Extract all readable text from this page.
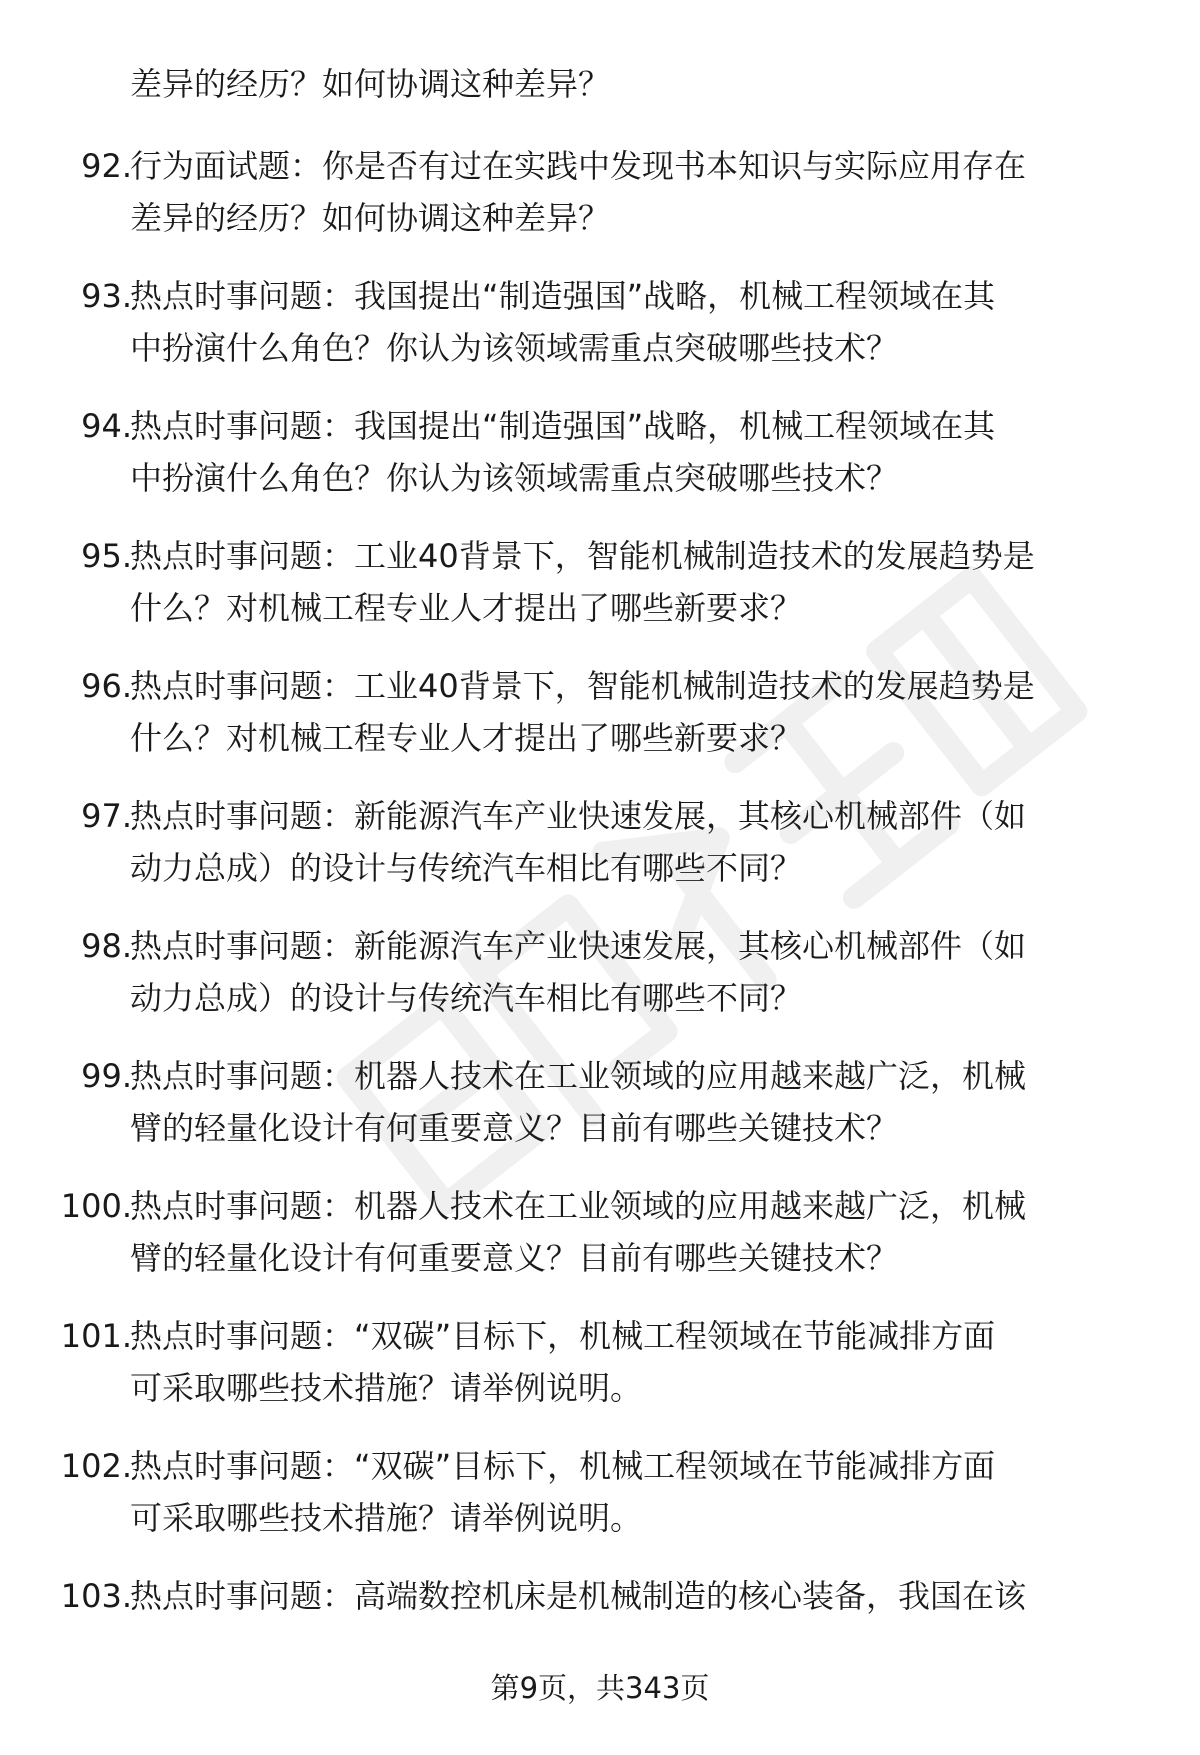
差异的经历？如何协调这种差异？
92.
行为面试题：你是否有过在实践中发现书本知识与实际应用存在
差异的经历？如何协调这种差异？
93.
热点时事问题：我国提出“制造强国”战略，机械工程领域在其
中扮演什么角色？你认为该领域需重点突破哪些技术？
94.
热点时事问题：我国提出“制造强国”战略，机械工程领域在其
中扮演什么角色？你认为该领域需重点突破哪些技术？
95.
热点时事问题：工业40背景下，智能机械制造技术的发展趋势是
什么？对机械工程专业人才提出了哪些新要求？
96.
热点时事问题：工业40背景下，智能机械制造技术的发展趋势是
什么？对机械工程专业人才提出了哪些新要求？
97.
热点时事问题：新能源汽车产业快速发展，其核心机械部件（如
动力总成）的设计与传统汽车相比有哪些不同？
98.
热点时事问题：新能源汽车产业快速发展，其核心机械部件（如
动力总成）的设计与传统汽车相比有哪些不同？
99.
热点时事问题：机器人技术在工业领域的应用越来越广泛，机械
臂的轻量化设计有何重要意义？目前有哪些关键技术？
100.
热点时事问题：机器人技术在工业领域的应用越来越广泛，机械
臂的轻量化设计有何重要意义？目前有哪些关键技术？
101.
热点时事问题：“双碳”目标下，机械工程领域在节能减排方面
可采取哪些技术措施？请举例说明。
102.
热点时事问题：“双碳”目标下，机械工程领域在节能减排方面
可采取哪些技术措施？请举例说明。
103.
热点时事问题：高端数控机床是机械制造的核心装备，我国在该
第9页，共343页
